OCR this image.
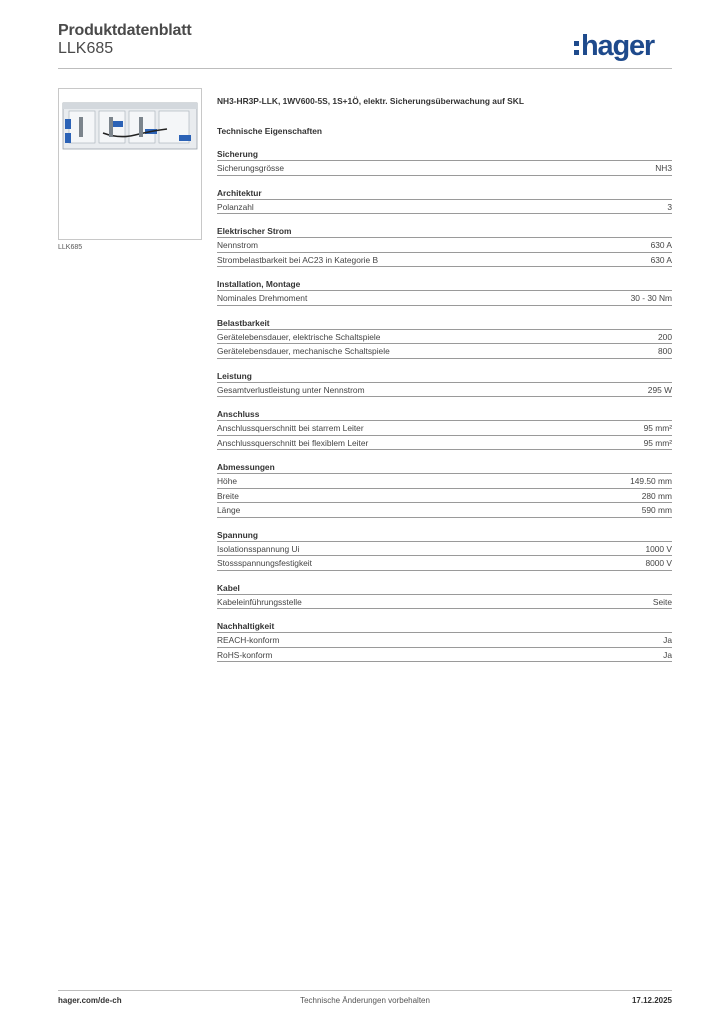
Produktdatenblatt
LLK685	hager
LLK685
NH3-HR3P-LLK, 1WV600-5S, 1S+1Ö, elektr. Sicherungsüberwachung auf SKL
Technische Eigenschaften
Sicherung
Sicherungsgrösse	NH3
Architektur
Polanzahl	3
Elektrischer Strom
Nennstrom	630 A
Strombelastbarkeit bei AC23 in Kategorie B	630 A
Installation, Montage
Nominales Drehmoment	30 - 30 Nm
Belastbarkeit
Gerätelebensdauer, elektrische Schaltspiele	200
Gerätelebensdauer, mechanische Schaltspiele	800
Leistung
Gesamtverlustleistung unter Nennstrom	295 W
Anschluss
Anschlussquerschnitt bei starrem Leiter	95 mm²
Anschlussquerschnitt bei flexiblem Leiter	95 mm²
Abmessungen
Höhe	149.50 mm
Breite	280 mm
Länge	590 mm
Spannung
Isolationsspannung Ui	1000 V
Stossspannungsfestigkeit	8000 V
Kabel
Kabeleinführungsstelle	Seite
Nachhaltigkeit
REACH-konform	Ja
RoHS-konform	Ja
hager.com/de-ch	Technische Änderungen vorbehalten	17.12.2025
